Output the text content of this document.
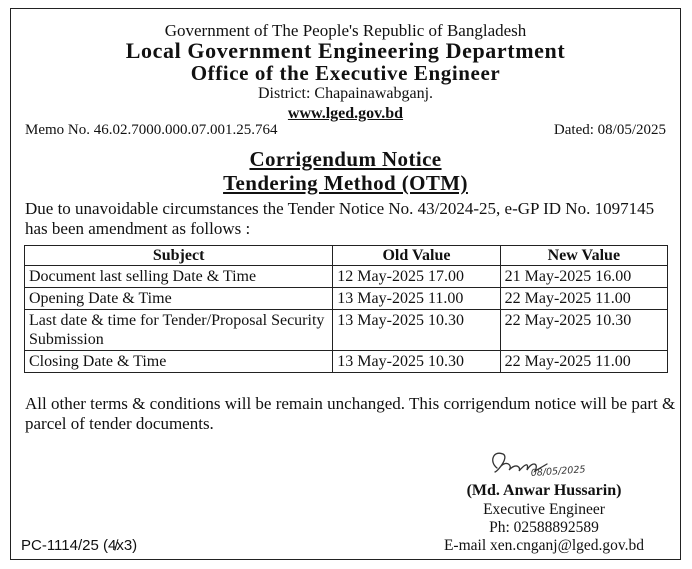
Government of The People's Republic of Bangladesh
Local Government Engineering Department
Office of the Executive Engineer
District: Chapainawabganj.
www.lged.gov.bd
Memo No. 46.02.7000.000.07.001.25.764	Dated: 08/05/2025
Corrigendum Notice
Tendering Method (OTM)
Due to unavoidable circumstances the Tender Notice No. 43/2024-25, e-GP ID No. 1097145 has been amendment as follows :
Subject	Old Value	New Value
Document last selling Date & Time	12 May-2025 17.00	21 May-2025 16.00
Opening Date & Time	13 May-2025 11.00	22 May-2025 11.00
Last date & time for Tender/Proposal Security Submission	13 May-2025 10.30	22 May-2025 10.30
Closing Date & Time	13 May-2025 10.30	22 May-2025 11.00
All other terms & conditions will be remain unchanged. This corrigendum notice will be part & parcel of tender documents.
08/05/2025
(Md. Anwar Hussarin)
Executive Engineer
Ph: 02588892589
E-mail xen.cnganj@lged.gov.bd
PC-1114/25 (4̸x3)
